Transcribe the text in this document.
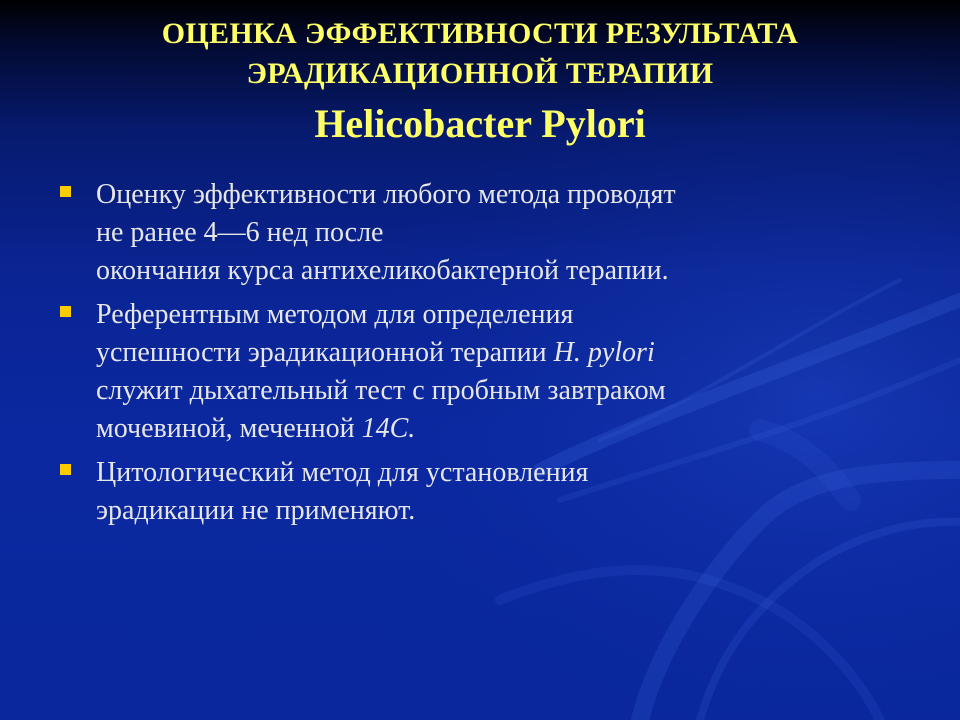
ОЦЕНКА ЭФФЕКТИВНОСТИ РЕЗУЛЬТАТА
ЭРАДИКАЦИОННОЙ ТЕРАПИИ
Helicobacter Pylori
Оценку эффективности любого метода проводят
не ранее 4—6 нед после
окончания курса антихеликобактерной терапии.
Референтным методом для определения
успешности эрадикационной терапии H. pylori
служит дыхательный тест с пробным завтраком
мочевиной, меченной 14C.
Цитологический метод для установления
эрадикации не применяют.
